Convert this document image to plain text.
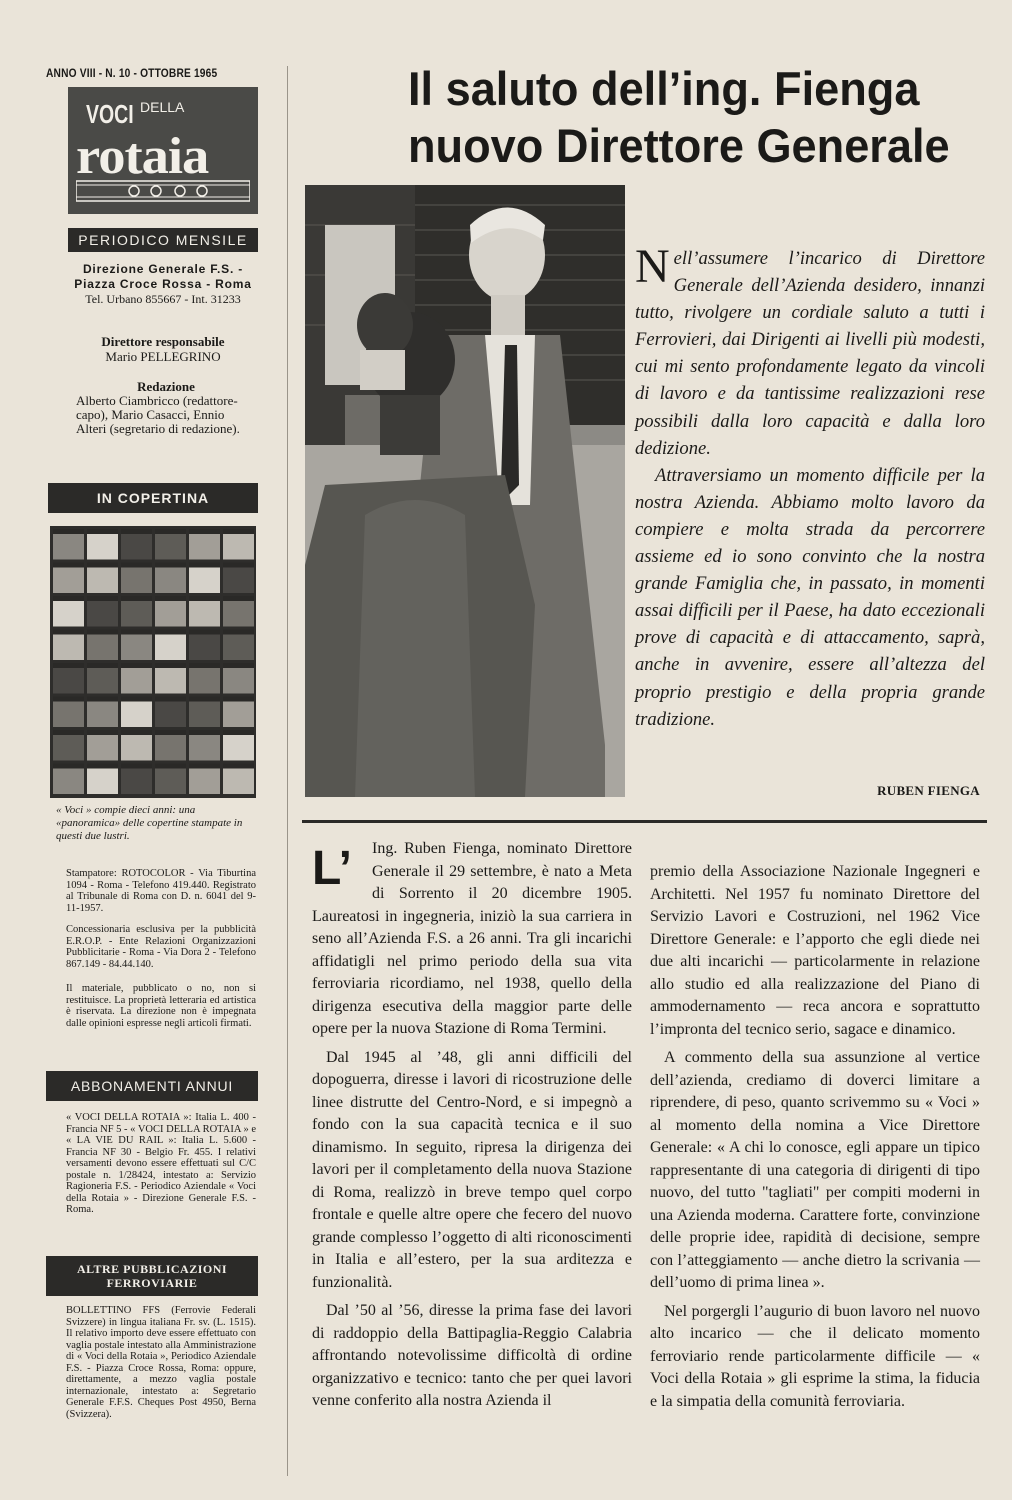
ANNO VIII - N. 10 - OTTOBRE 1965
VOCI DELLA
rotaia
PERIODICO MENSILE
Direzione Generale F.S. -
Piazza Croce Rossa - Roma
Tel. Urbano 855667 - Int. 31233
Direttore responsabile
Mario PELLEGRINO
Redazione
Alberto Ciambricco (redattore-capo), Mario Casacci, Ennio Alteri (segretario di redazione).
IN COPERTINA
« Voci » compie dieci anni: una «panoramica» delle copertine stampate in questi due lustri.
Stampatore: ROTOCOLOR - Via Tiburtina 1094 - Roma - Telefono 419.440. Registrato al Tribunale di Roma con D. n. 6041 del 9-11-1957.
Concessionaria esclusiva per la pubblicità E.R.O.P. - Ente Relazioni Organizzazioni Pubblicitarie - Roma - Via Dora 2 - Telefono 867.149 - 84.44.140.
Il materiale, pubblicato o no, non si restituisce. La proprietà letteraria ed artistica è riservata. La direzione non è impegnata dalle opinioni espresse negli articoli firmati.
ABBONAMENTI ANNUI
« VOCI DELLA ROTAIA »: Italia L. 400 - Francia NF 5 - « VOCI DELLA ROTAIA » e « LA VIE DU RAIL »: Italia L. 5.600 - Francia NF 30 - Belgio Fr. 455. I relativi versamenti devono essere effettuati sul C/C postale n. 1/28424, intestato a: Servizio Ragioneria F.S. - Periodico Aziendale « Voci della Rotaia » - Direzione Generale F.S. - Roma.
ALTRE PUBBLICAZIONI
FERROVIARIE
BOLLETTINO FFS (Ferrovie Federali Svizzere) in lingua italiana Fr. sv. (L. 1515). Il relativo importo deve essere effettuato con vaglia postale intestato alla Amministrazione di « Voci della Rotaia », Periodico Aziendale F.S. - Piazza Croce Rossa, Roma: oppure, direttamente, a mezzo vaglia postale internazionale, intestato a: Segretario Generale F.F.S. Cheques Post 4950, Berna (Svizzera).
Il saluto dell’ing. Fienga
nuovo Direttore Generale

Nell’assumere l’incarico di Direttore Generale dell’Azienda desidero, innanzi tutto, rivolgere un cordiale saluto a tutti i Ferrovieri, dai Dirigenti ai livelli più modesti, cui mi sento profondamente legato da vincoli di lavoro e da tantissime realizzazioni rese possibili dalla loro capacità e dalla loro dedizione.

Attraversiamo un momento difficile per la nostra Azienda. Abbiamo molto lavoro da compiere e molta strada da percorrere assieme ed io sono convinto che la nostra grande Famiglia che, in passato, in momenti assai difficili per il Paese, ha dato eccezionali prove di capacità e di attaccamento, saprà, anche in avvenire, essere all’altezza del proprio prestigio e della propria grande tradizione.

RUBEN FIENGA

L’ Ing. Ruben Fienga, nominato Direttore Generale il 29 settembre, è nato a Meta di Sorrento il 20 dicembre 1905. Laureatosi in ingegneria, iniziò la sua carriera in seno all’Azienda F.S. a 26 anni. Tra gli incarichi affidatigli nel primo periodo della sua vita ferroviaria ricordiamo, nel 1938, quello della dirigenza esecutiva della maggior parte delle opere per la nuova Stazione di Roma Termini.

Dal 1945 al ’48, gli anni difficili del dopoguerra, diresse i lavori di ricostruzione delle linee distrutte del Centro-Nord, e si impegnò a fondo con la sua capacità tecnica e il suo dinamismo. In seguito, ripresa la dirigenza dei lavori per il completamento della nuova Stazione di Roma, realizzò in breve tempo quel corpo frontale e quelle altre opere che fecero del nuovo grande complesso l’oggetto di alti riconoscimenti in Italia e all’estero, per la sua arditezza e funzionalità.

Dal ’50 al ’56, diresse la prima fase dei lavori di raddoppio della Battipaglia-Reggio Calabria affrontando notevolissime difficoltà di ordine organizzativo e tecnico: tanto che per quei lavori venne conferito alla nostra Azienda il

premio della Associazione Nazionale Ingegneri e Architetti. Nel 1957 fu nominato Direttore del Servizio Lavori e Costruzioni, nel 1962 Vice Direttore Generale: e l’apporto che egli diede nei due alti incarichi — particolarmente in relazione allo studio ed alla realizzazione del Piano di ammodernamento — reca ancora e soprattutto l’impronta del tecnico serio, sagace e dinamico.

A commento della sua assunzione al vertice dell’azienda, crediamo di doverci limitare a riprendere, di peso, quanto scrivemmo su « Voci » al momento della nomina a Vice Direttore Generale: « A chi lo conosce, egli appare un tipico rappresentante di una categoria di dirigenti di tipo nuovo, del tutto "tagliati" per compiti moderni in una Azienda moderna. Carattere forte, convinzione delle proprie idee, rapidità di decisione, sempre con l’atteggiamento — anche dietro la scrivania — dell’uomo di prima linea ».

Nel porgergli l’augurio di buon lavoro nel nuovo alto incarico — che il delicato momento ferroviario rende particolarmente difficile — « Voci della Rotaia » gli esprime la stima, la fiducia e la simpatia della comunità ferroviaria.
